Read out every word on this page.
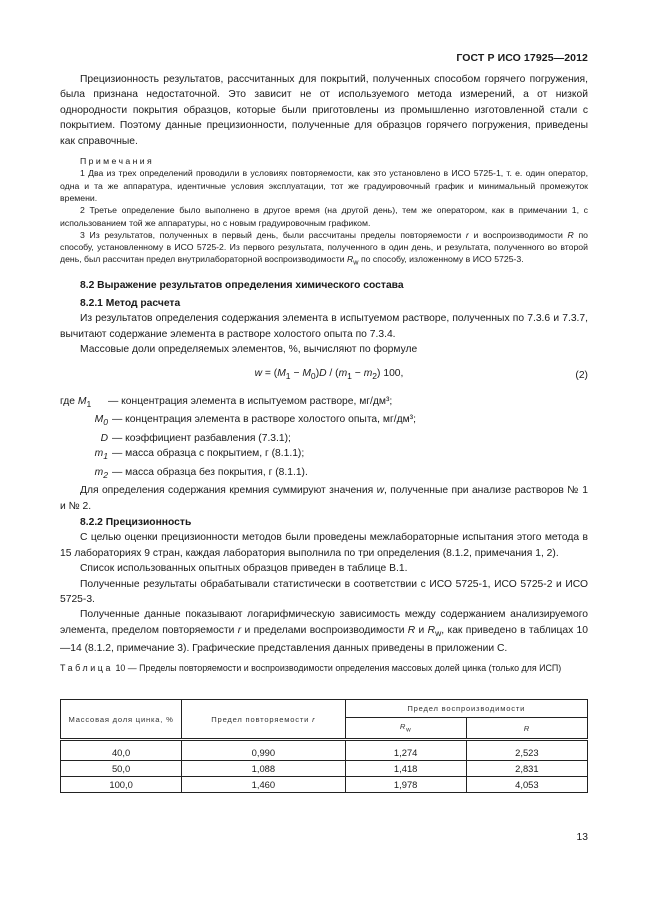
ГОСТ Р ИСО 17925—2012

Прецизионность результатов, рассчитанных для покрытий, полученных способом горячего погружения, была признана недостаточной. Это зависит не от используемого метода измерений, а от низкой однородности покрытия образцов, которые были приготовлены из промышленно изготовленной стали с покрытием. Поэтому данные прецизионности, полученные для образцов горячего погружения, приведены как справочные.

Примечания

1 Два из трех определений проводили в условиях повторяемости, как это установлено в ИСО 5725-1, т. е. один оператор, одна и та же аппаратура, идентичные условия эксплуатации, тот же градуировочный график и минимальный промежуток времени.

2 Третье определение было выполнено в другое время (на другой день), тем же оператором, как в примечании 1, с использованием той же аппаратуры, но с новым градуировочным графиком.

3 Из результатов, полученных в первый день, были рассчитаны пределы повторяемости r и воспроизводимости R по способу, установленному в ИСО 5725-2. Из первого результата, полученного в один день, и результата, полученного во второй день, был рассчитан предел внутрилабораторной воспроизводимости $R_w$ по способу, изложенному в ИСО 5725-3.

8.2 Выражение результатов определения химического состава

8.2.1 Метод расчета

Из результатов определения содержания элемента в испытуемом растворе, полученных по 7.3.6 и 7.3.7, вычитают содержание элемента в растворе холостого опыта по 7.3.4.

Массовые доли определяемых элементов, %, вычисляют по формуле

$w = (M_1 - M_0)D / (m_1 - m_2)$ 100,	(2)
где $M_1$	— концентрация элемента в испытуемом растворе, мг/дм³;
$M_0$ — концентрация элемента в растворе холостого опыта, мг/дм³;
D — коэффициент разбавления (7.3.1);
$m_1$ — масса образца с покрытием, г (8.1.1);
$m_2$ — масса образца без покрытия, г (8.1.1).

Для определения содержания кремния суммируют значения w, полученные при анализе растворов № 1 и № 2.

8.2.2 Прецизионность

С целью оценки прецизионности методов были проведены межлабораторные испытания этого метода в 15 лабораториях 9 стран, каждая лаборатория выполнила по три определения (8.1.2, примечания 1, 2).

Список использованных опытных образцов приведен в таблице В.1.

Полученные результаты обрабатывали статистически в соответствии с ИСО 5725-1, ИСО 5725-2 и ИСО 5725-3.

Полученные данные показывают логарифмическую зависимость между содержанием анализируемого элемента, пределом повторяемости r и пределами воспроизводимости R и $R_w$, как приведено в таблицах 10—14 (8.1.2, примечание 3). Графические представления данных приведены в приложении С.

Таблица 10 — Пределы повторяемости и воспроизводимости определения массовых долей цинка (только для ИСП)
Массовая доля цинка, %	Предел повторяемости r	Предел воспроизводимости	
		$R_w$	R
40,0	0,990	1,274	2,523
50,0	1,088	1,418	2,831
100,0	1,460	1,978	4,053
13
